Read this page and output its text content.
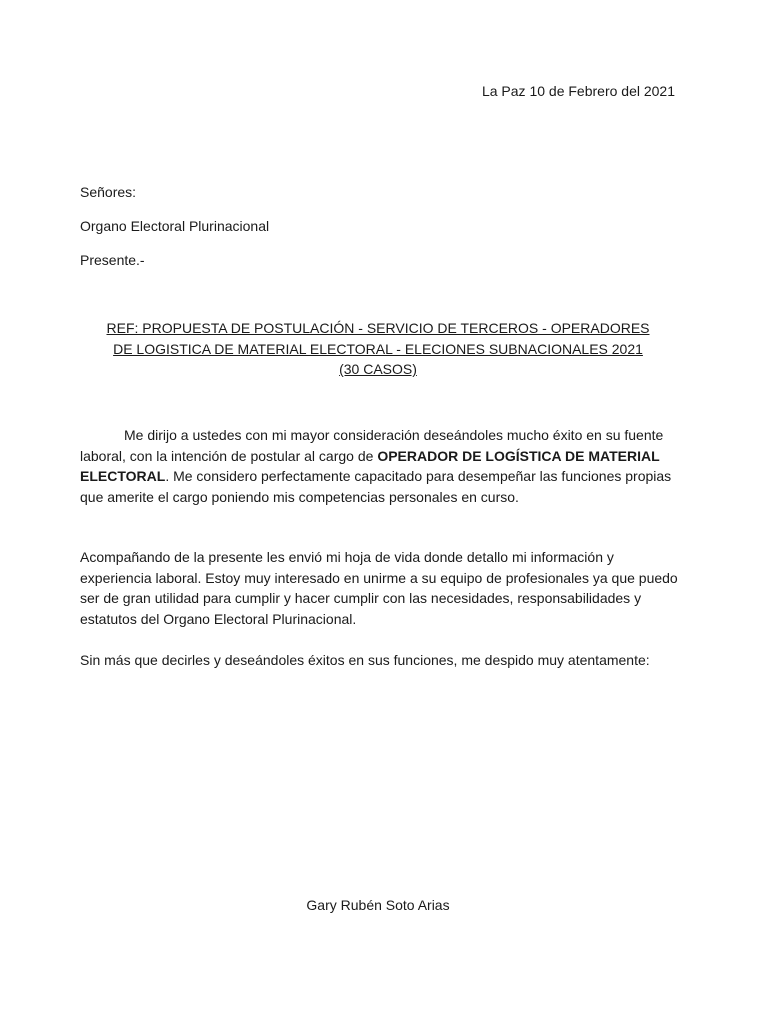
La Paz 10 de Febrero del 2021
Señores:
Organo Electoral Plurinacional
Presente.-
REF: PROPUESTA DE POSTULACIÓN - SERVICIO DE TERCEROS - OPERADORES
DE LOGISTICA DE MATERIAL ELECTORAL - ELECIONES SUBNACIONALES 2021
(30 CASOS)
Me dirijo a ustedes con mi mayor consideración deseándoles mucho éxito en su fuente laboral, con la intención de postular al cargo de OPERADOR DE LOGÍSTICA DE MATERIAL ELECTORAL. Me considero perfectamente capacitado para desempeñar las funciones propias que amerite el cargo poniendo mis competencias personales en curso.
Acompañando de la presente les envió mi hoja de vida donde detallo mi información y experiencia laboral. Estoy muy interesado en unirme a su equipo de profesionales ya que puedo ser de gran utilidad para cumplir y hacer cumplir con las necesidades, responsabilidades y estatutos del Organo Electoral Plurinacional.
Sin más que decirles y deseándoles éxitos en sus funciones, me despido muy atentamente:
Gary Rubén Soto Arias
